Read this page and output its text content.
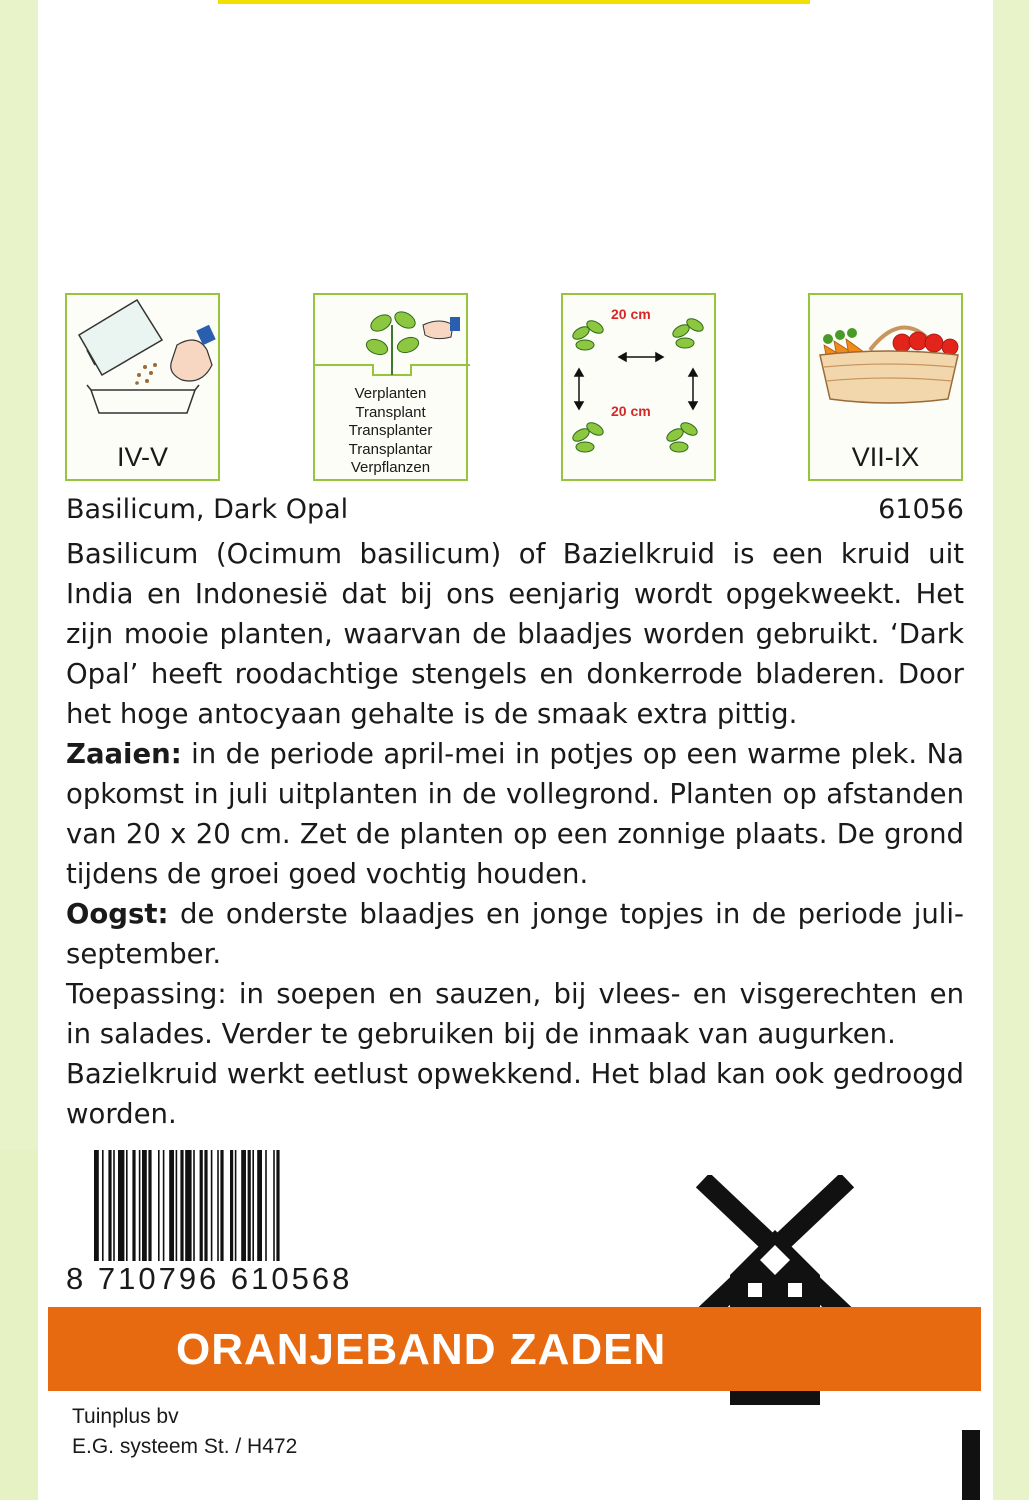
IV-V
Verplanten
Transplant
Transplanter
Transplantar
Verpflanzen
20 cm
20 cm
VII-IX
Basilicum, Dark Opal	61056

Basilicum (Ocimum basilicum) of Bazielkruid is een kruid uit India en Indonesië dat bij ons eenjarig wordt opgekweekt. Het zijn mooie planten, waarvan de blaadjes worden gebruikt. ‘Dark Opal’ heeft roodachtige stengels en donkerrode bladeren. Door het hoge antocyaan gehalte is de smaak extra pittig.

Zaaien: in de periode april-mei in potjes op een warme plek. Na opkomst in juli uitplanten in de vollegrond. Planten op afstanden van 20 x 20 cm. Zet de planten op een zonnige plaats. De grond tijdens de groei goed vochtig houden.

Oogst: de onderste blaadjes en jonge topjes in de periode juli-september.

Toepassing: in soepen en sauzen, bij vlees- en visgerechten en in salades. Verder te gebruiken bij de inmaak van augurken.

Bazielkruid werkt eetlust opwekkend. Het blad kan ook gedroogd worden.

8 710796 610568
ORANJEBAND ZADEN
Tuinplus bv
E.G. systeem St. / H472
